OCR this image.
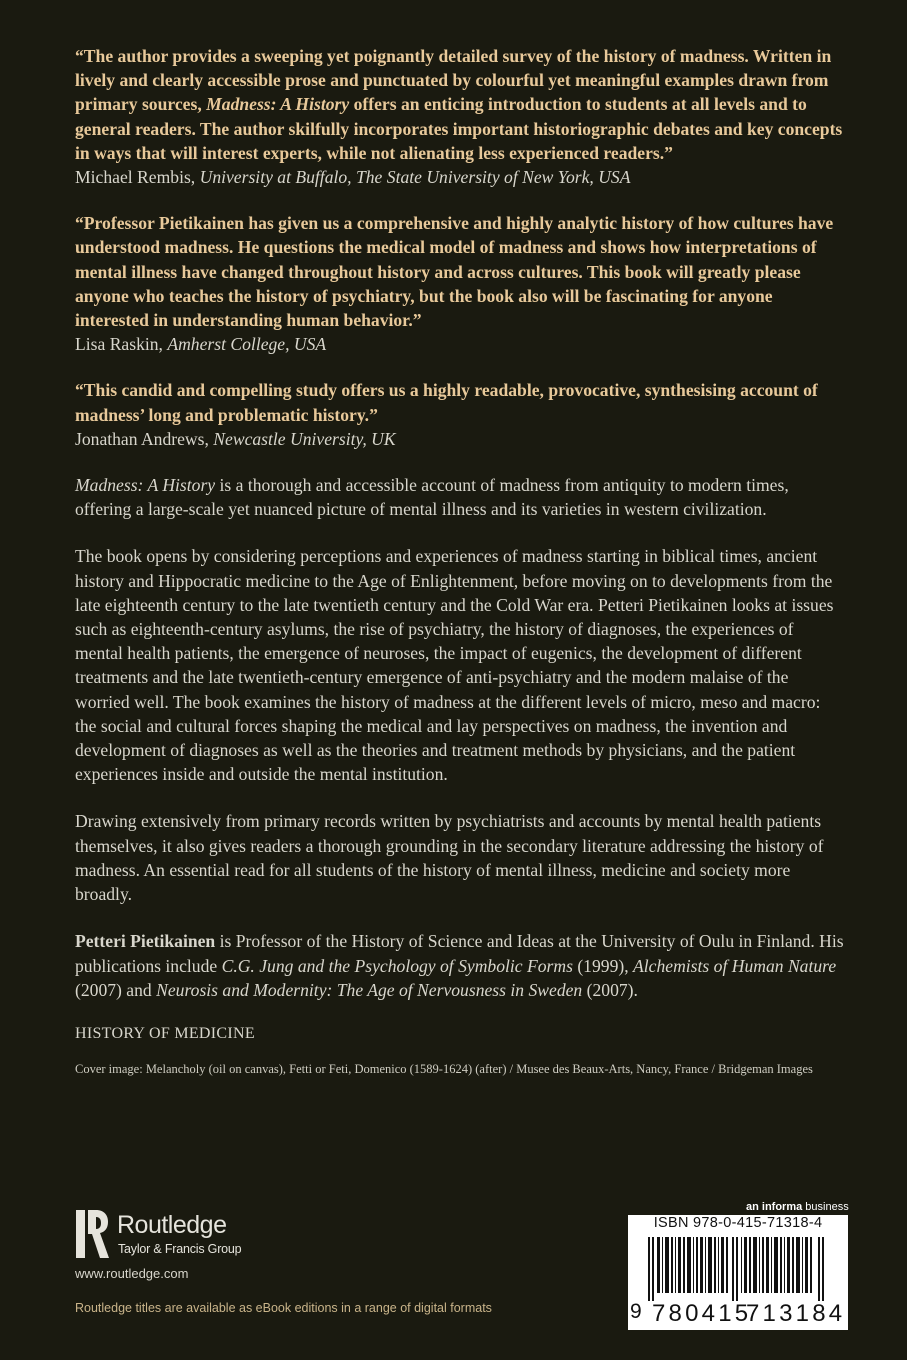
“The author provides a sweeping yet poignantly detailed survey of the history of madness. Written in lively and clearly accessible prose and punctuated by colourful yet meaningful examples drawn from primary sources, Madness: A History offers an enticing introduction to students at all levels and to general readers. The author skilfully incorporates important historiographic debates and key concepts in ways that will interest experts, while not alienating less experienced readers.”

Michael Rembis, University at Buffalo, The State University of New York, USA

“Professor Pietikainen has given us a comprehensive and highly analytic history of how cultures have understood madness. He questions the medical model of madness and shows how interpretations of mental illness have changed throughout history and across cultures. This book will greatly please anyone who teaches the history of psychiatry, but the book also will be fascinating for anyone interested in understanding human behavior.”

Lisa Raskin, Amherst College, USA

“This candid and compelling study offers us a highly readable, provocative, synthesising account of madness’ long and problematic history.”

Jonathan Andrews, Newcastle University, UK

Madness: A History is a thorough and accessible account of madness from antiquity to modern times, offering a large-scale yet nuanced picture of mental illness and its varieties in western civilization.

The book opens by considering perceptions and experiences of madness starting in biblical times, ancient history and Hippocratic medicine to the Age of Enlightenment, before moving on to developments from the late eighteenth century to the late twentieth century and the Cold War era. Petteri Pietikainen looks at issues such as eighteenth-century asylums, the rise of psychiatry, the history of diagnoses, the experiences of mental health patients, the emergence of neuroses, the impact of eugenics, the development of different treatments and the late twentieth-century emergence of anti-psychiatry and the modern malaise of the worried well. The book examines the history of madness at the different levels of micro, meso and macro: the social and cultural forces shaping the medical and lay perspectives on madness, the invention and development of diagnoses as well as the theories and treatment methods by physicians, and the patient experiences inside and outside the mental institution.

Drawing extensively from primary records written by psychiatrists and accounts by mental health patients themselves, it also gives readers a thorough grounding in the secondary literature addressing the history of madness. An essential read for all students of the history of mental illness, medicine and society more broadly.

Petteri Pietikainen is Professor of the History of Science and Ideas at the University of Oulu in Finland. His publications include C.G. Jung and the Psychology of Symbolic Forms (1999), Alchemists of Human Nature (2007) and Neurosis and Modernity: The Age of Nervousness in Sweden (2007).

HISTORY OF MEDICINE

Cover image: Melancholy (oil on canvas), Fetti or Feti, Domenico (1589-1624) (after) / Musee des Beaux-Arts, Nancy, France / Bridgeman Images

Routledge
Taylor & Francis Group
www.routledge.com
Routledge titles are available as eBook editions in a range of digital formats
an informa business
ISBN 978-0-415-71318-4
9 780415
713184
